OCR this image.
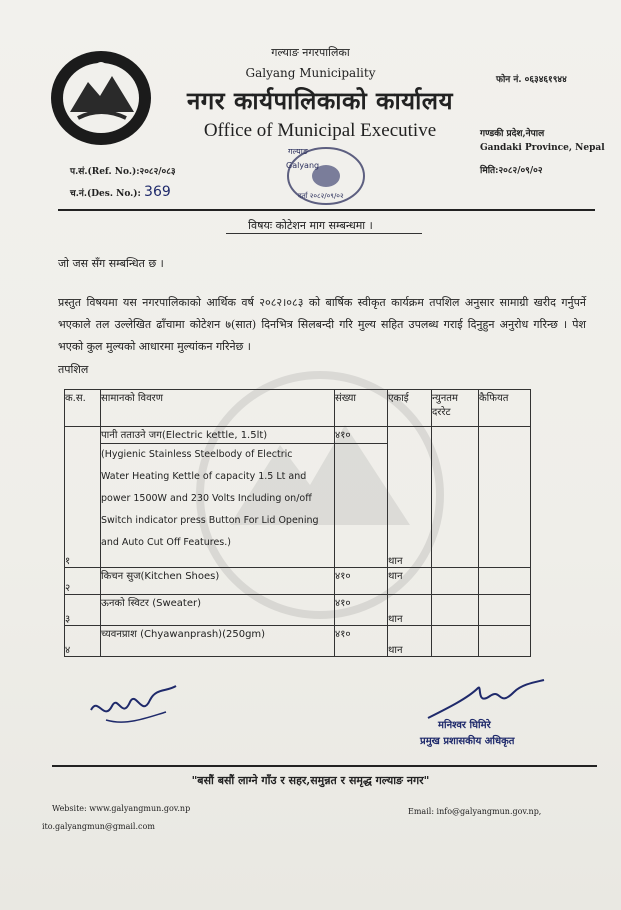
गल्याङ नगरपालिका
Galyang Municipality
नगर कार्यपालिकाको कार्यालय
Office of Municipal Executive
फोन नं. ०६३४६१९४४
गण्डकी प्रदेश,नेपाल
Gandaki Province, Nepal
मिति:२०८२/०९/०२
प.सं.(Ref. No.):२०८२/०८३
च.नं.(Des. No.): 369
गल्याङ
Galyang
दर्ता २०८२/०९/०२
विषयः कोटेशन माग सम्बन्धमा ।
जो जस सँग सम्बन्धित छ ।
प्रस्तुत विषयमा यस नगरपालिकाको आर्थिक वर्ष २०८२।०८३ को बार्षिक स्वीकृत कार्यक्रम तपशिल अनुसार सामाग्री खरीद गर्नुपर्ने भएकाले तल उल्लेखित ढाँचामा कोटेशन ७(सात) दिनभित्र सिलबन्दी गरि मुल्य सहित उपलब्ध गराई दिनुहुन अनुरोध गरिन्छ । पेश भएको कुल मुल्यको आधारमा मुल्यांकन गरिनेछ ।
तपशिल
क.स.	सामानको विवरण	संख्या	एकाई	न्युनतम दररेट	कैफियत
१	पानी तताउने जग(Electric kettle, 1.5lt)	४१०	थान		

	(Hygienic Stainless Steelbody of Electric
Water Heating Kettle of capacity 1.5 Lt and
power 1500W and 230 Volts Including on/off
Switch indicator press Button For Lid Opening
and Auto Cut Off Features.)				

२	किचन सुज(Kitchen Shoes)	४१०	थान		
३	ऊनको स्विटर (Sweater)	४१०	थान		
४	च्यवनप्राश (Chyawanprash)(250gm)	४१०	थान		
मनिश्वर घिमिरे
प्रमुख प्रशासकीय अधिकृत
"बसौं बसौं लाग्ने गाँउ र सहर,समुन्नत र समृद्ध गल्याङ नगर"
Website: www.galyangmun.gov.np	Email: info@galyangmun.gov.np,
ito.galyangmun@gmail.com
